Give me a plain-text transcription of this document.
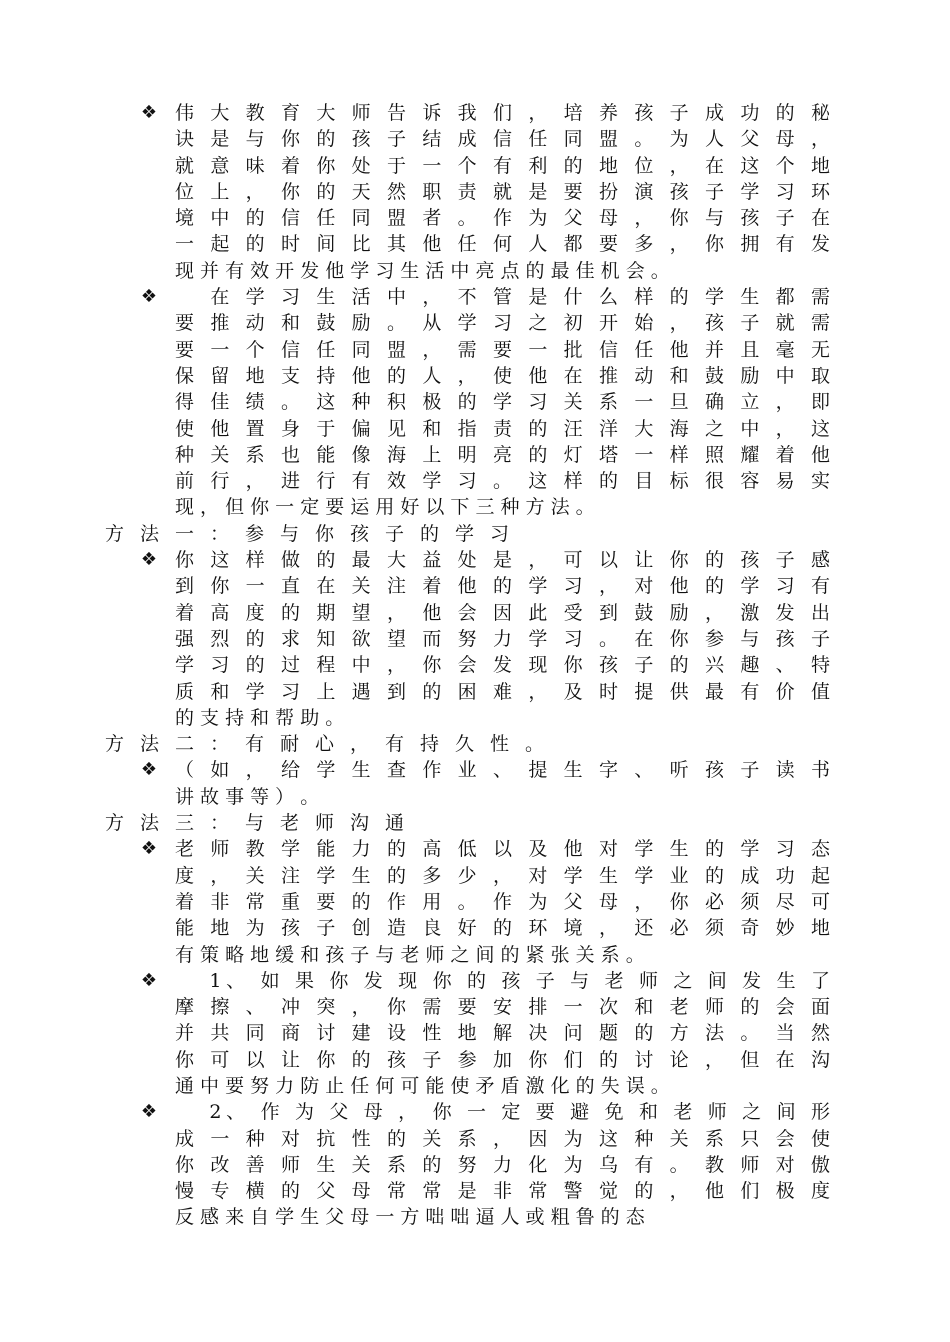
❖ 伟 大 教 育 大 师 告 诉 我 们 ， 培 养 孩 子 成 功 的 秘
诀 是 与 你 的 孩 子 结 成 信 任 同 盟 。 为 人 父 母 ，
就 意 味 着 你 处 于 一 个 有 利 的 地 位 ， 在 这 个 地
位 上 ， 你 的 天 然 职 责 就 是 要 扮 演 孩 子 学 习 环
境 中 的 信 任 同 盟 者 。 作 为 父 母 ， 你 与 孩 子 在
一 起 的 时 间 比 其 他 任 何 人 都 要 多 ， 你 拥 有 发
现 并 有 效 开 发 他 学 习 生 活 中 亮 点 的 最 佳 机 会 。
❖ 　 在 学 习 生 活 中 ， 不 管 是 什 么 样 的 学 生 都 需
要 推 动 和 鼓 励 。 从 学 习 之 初 开 始 ， 孩 子 就 需
要 一 个 信 任 同 盟 ， 需 要 一 批 信 任 他 并 且 毫 无
保 留 地 支 持 他 的 人 ， 使 他 在 推 动 和 鼓 励 中 取
得 佳 绩 。 这 种 积 极 的 学 习 关 系 一 旦 确 立 ， 即
使 他 置 身 于 偏 见 和 指 责 的 汪 洋 大 海 之 中 ， 这
种 关 系 也 能 像 海 上 明 亮 的 灯 塔 一 样 照 耀 着 他
前 行 ， 进 行 有 效 学 习 。 这 样 的 目 标 很 容 易 实
现 ， 但 你 一 定 要 运 用 好 以 下 三 种 方 法 。
方法一：参与你孩子的学习
❖ 你 这 样 做 的 最 大 益 处 是 ， 可 以 让 你 的 孩 子 感
到 你 一 直 在 关 注 着 他 的 学 习 ， 对 他 的 学 习 有
着 高 度 的 期 望 ， 他 会 因 此 受 到 鼓 励 ， 激 发 出
强 烈 的 求 知 欲 望 而 努 力 学 习 。 在 你 参 与 孩 子
学 习 的 过 程 中 ， 你 会 发 现 你 孩 子 的 兴 趣 、 特
质 和 学 习 上 遇 到 的 困 难 ， 及 时 提 供 最 有 价 值
的 支 持 和 帮 助 。
方法二：有耐心，有持久性。
❖ （ 如 ， 给 学 生 查 作 业 、 提 生 字 、 听 孩 子 读 书
讲 故 事 等 ） 。
方法三：与老师沟通
❖ 老 师 教 学 能 力 的 高 低 以 及 他 对 学 生 的 学 习 态
度 ， 关 注 学 生 的 多 少 ， 对 学 生 学 业 的 成 功 起
着 非 常 重 要 的 作 用 。 作 为 父 母 ， 你 必 须 尽 可
能 地 为 孩 子 创 造 良 好 的 环 境 ， 还 必 须 奇 妙 地
有 策 略 地 缓 和 孩 子 与 老 师 之 间 的 紧 张 关 系 。
❖ 　 1、 如 果 你 发 现 你 的 孩 子 与 老 师 之 间 发 生 了
摩 擦 、 冲 突 ， 你 需 要 安 排 一 次 和 老 师 的 会 面
并 共 同 商 讨 建 设 性 地 解 决 问 题 的 方 法 。 当 然
你 可 以 让 你 的 孩 子 参 加 你 们 的 讨 论 ， 但 在 沟
通 中 要 努 力 防 止 任 何 可 能 使 矛 盾 激 化 的 失 误 。
❖ 　 2、 作 为 父 母 ， 你 一 定 要 避 免 和 老 师 之 间 形
成 一 种 对 抗 性 的 关 系 ， 因 为 这 种 关 系 只 会 使
你 改 善 师 生 关 系 的 努 力 化 为 乌 有 。 教 师 对 傲
慢 专 横 的 父 母 常 常 是 非 常 警 觉 的 ， 他 们 极 度
反 感 来 自 学 生 父 母 一 方 咄 咄 逼 人 或 粗 鲁 的 态
